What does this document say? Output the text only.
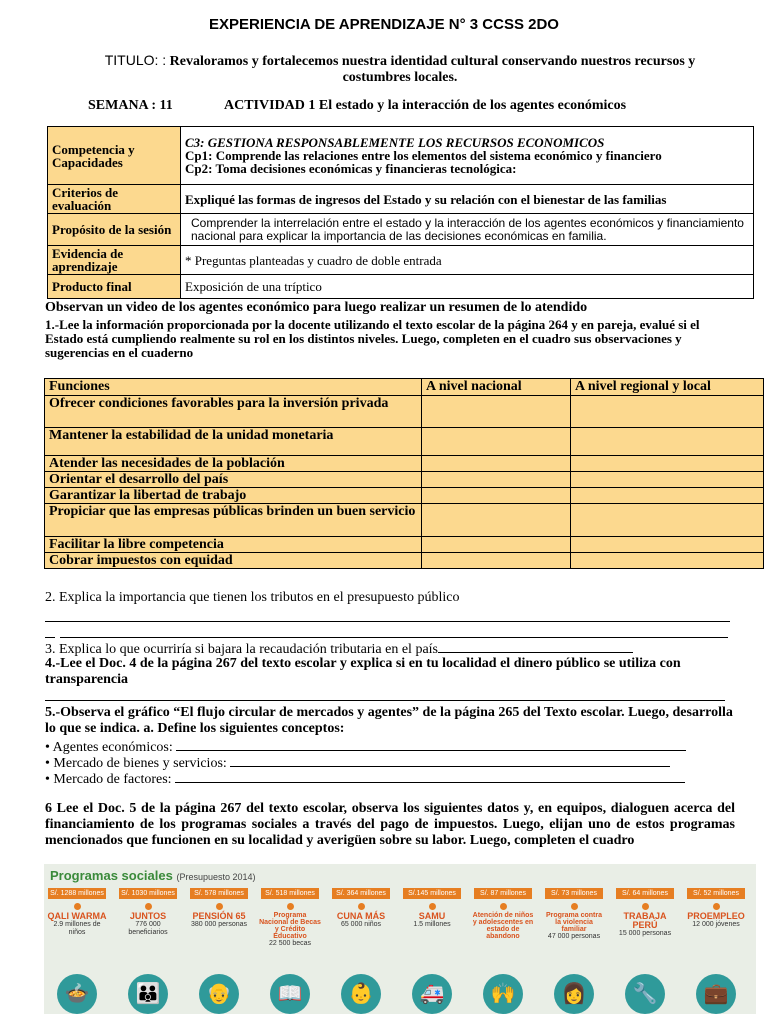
EXPERIENCIA DE APRENDIZAJE N° 3 CCSS 2DO
TITULO: : Revaloramos y fortalecemos nuestra identidad cultural conservando nuestros recursos y costumbres locales.
SEMANA : 11	ACTIVIDAD 1 El estado y la interacción de los agentes económicos
Competencia y Capacidades	C3: GESTIONA RESPONSABLEMENTE LOS RECURSOS ECONOMICOS
Cp1: Comprende las relaciones entre los elementos del sistema económico y financiero
Cp2: Toma decisiones económicas y financieras tecnológica:

Criterios de evaluación	Expliqué las formas de ingresos del Estado y su relación con el bienestar de las familias
Propósito de la sesión	Comprender la interrelación entre el estado y la interacción de los agentes económicos y financiamiento nacional para explicar la importancia de las decisiones económicas en familia.
Evidencia de aprendizaje	* Preguntas planteadas y cuadro de doble entrada
Producto final	Exposición de una tríptico
Observan un video de los agentes económico para luego realizar un resumen de lo atendido
1.-Lee la información proporcionada por la docente utilizando el texto escolar de la página 264 y en pareja, evalué si el Estado está cumpliendo realmente su rol en los distintos niveles. Luego, completen en el cuadro sus observaciones y sugerencias en el cuaderno
Funciones	A nivel nacional	A nivel regional y local
Ofrecer condiciones favorables para la inversión privada		
Mantener la estabilidad de la unidad monetaria		
Atender las necesidades de la población		
Orientar el desarrollo del país		
Garantizar la libertad de trabajo		
Propiciar que las empresas públicas brinden un buen servicio		
Facilitar la libre competencia		
Cobrar impuestos con equidad		
2. Explica la importancia que tienen los tributos en el presupuesto público
3. Explica lo que ocurriría si bajara la recaudación tributaria en el país
4.-Lee el Doc. 4 de la página 267 del texto escolar y explica si en tu localidad el dinero público se utiliza con transparencia
5.-Observa el gráfico “El flujo circular de mercados y agentes” de la página 265 del Texto escolar. Luego, desarrolla lo que se indica. a. Define los siguientes conceptos:
• Agentes económicos:
• Mercado de bienes y servicios:
• Mercado de factores:
6 Lee el Doc. 5 de la página 267 del texto escolar, observa los siguientes datos y, en equipos, dialoguen acerca del financiamiento de los programas sociales a través del pago de impuestos. Luego, elijan uno de estos programas mencionados que funcionen en su localidad y averigüen sobre su labor. Luego, completen el cuadro
Programas sociales (Presupuesto 2014)
S/. 1288 millones
QALI WARMA
2.9 millones de niños
S/. 1030 millones
JUNTOS
776 000 beneficiarios
S/. 578 millones
PENSIÓN 65
380 000 personas
S/. 518 millones
Programa Nacional de Becas y Crédito Educativo
22 500 becas
S/. 364 millones
CUNA MÁS
65 000 niños
S/.145 millones
SAMU
1.5 millones
S/. 87 millones
Atención de niños y adolescentes en estado de abandono
S/. 73 millones
Programa contra la violencia familiar
47 000 personas
S/. 64 millones
TRABAJA PERÚ
15 000 personas
S/. 52 millones
PROEMPLEO
12 000 jóvenes
🍲	👪	👴	📖	👶	🚑	🙌	👩	🔧	💼
